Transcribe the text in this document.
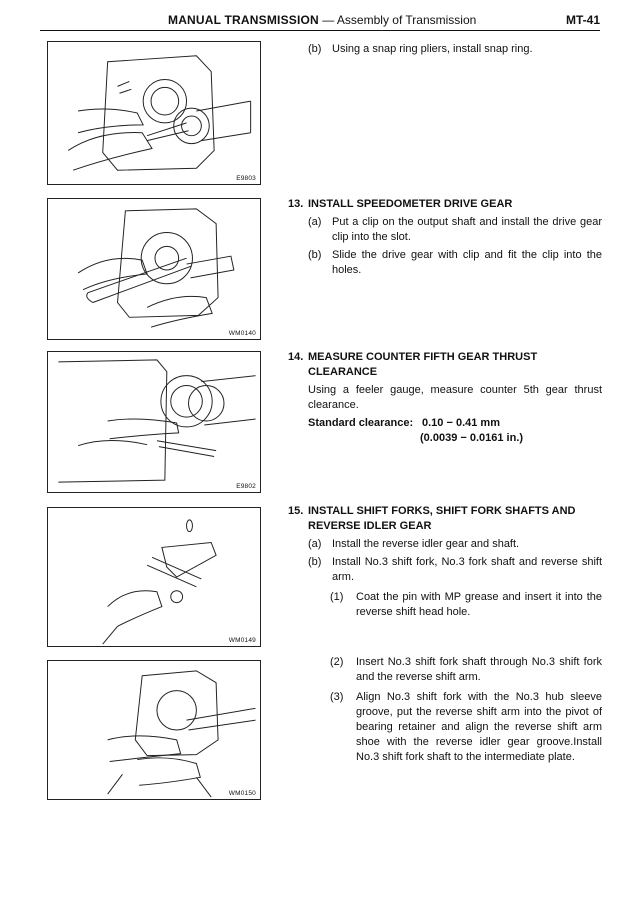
MANUAL TRANSMISSION — Assembly of Transmission	MT-41
E9803
WM0140
E9802
WM0149
WM0150
(b) Using a snap ring pliers, install snap ring.
13. INSTALL SPEEDOMETER DRIVE GEAR
(a) Put a clip on the output shaft and install the drive gear clip into the slot.
(b) Slide the drive gear with clip and fit the clip into the holes.
14. MEASURE COUNTER FIFTH GEAR THRUST CLEARANCE
Using a feeler gauge, measure counter 5th gear thrust clearance.
Standard clearance: 0.10 − 0.41 mm
(0.0039 − 0.0161 in.)
15. INSTALL SHIFT FORKS, SHIFT FORK SHAFTS AND REVERSE IDLER GEAR
(a) Install the reverse idler gear and shaft.
(b) Install No.3 shift fork, No.3 fork shaft and reverse shift arm.
(1) Coat the pin with MP grease and insert it into the reverse shift head hole.
(2) Insert No.3 shift fork shaft through No.3 shift fork and the reverse shift arm.
(3) Align No.3 shift fork with the No.3 hub sleeve groove, put the reverse shift arm into the pivot of bearing retainer and align the reverse shift arm shoe with the reverse idler gear groove.Install No.3 shift fork shaft to the intermediate plate.
